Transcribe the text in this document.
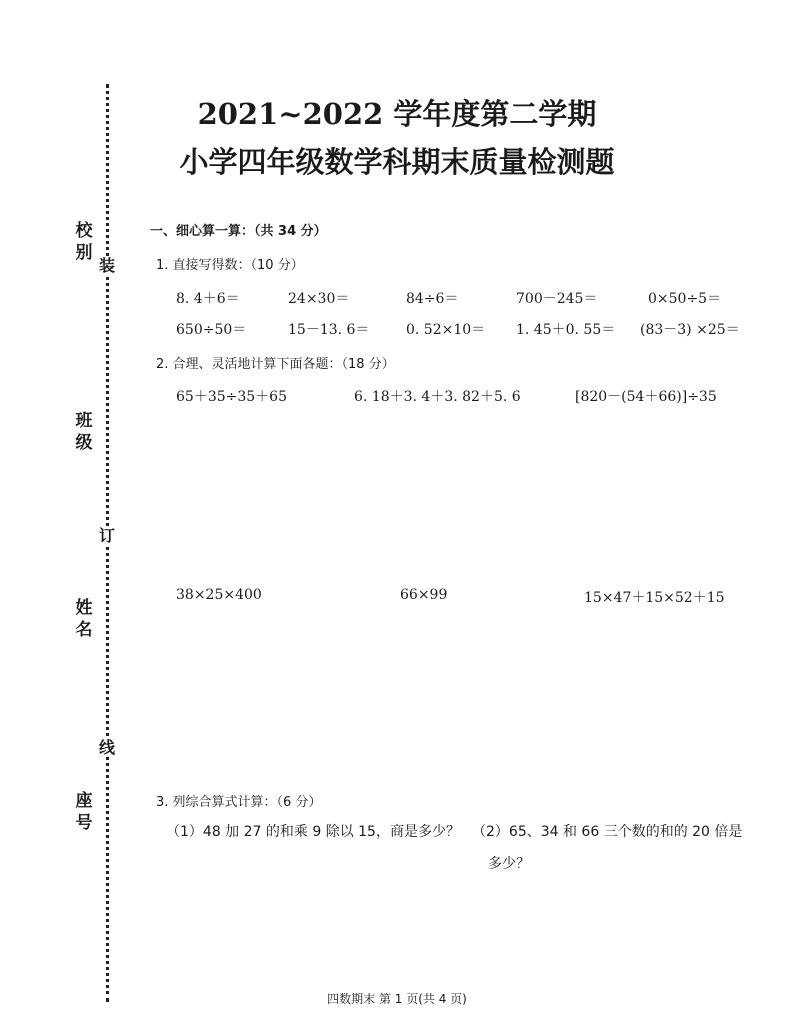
装
订
线
校别
班级
姓名
座号
2021~2022 学年度第二学期
小学四年级数学科期末质量检测题
一、细心算一算：（共 34 分）
1. 直接写得数：（10 分）
8. 4＋6＝	24×30＝	84÷6＝	700－245＝	0×50÷5＝
650÷50＝	15－13. 6＝	0. 52×10＝ 1. 45＋0. 55＝ (83－3) ×25＝
2. 合理、灵活地计算下面各题：（18 分）
65＋35÷35＋65	6. 18＋3. 4＋3. 82＋5. 6	[820－(54＋66)]÷35
38×25×400	66×99	15×47＋15×52＋15
3. 列综合算式计算：（6 分）
（1）48 加 27 的和乘 9 除以 15，商是多少？ （2）65、34 和 66 三个数的和的 20 倍是
多少？
四数期末 第 1 页(共 4 页)
